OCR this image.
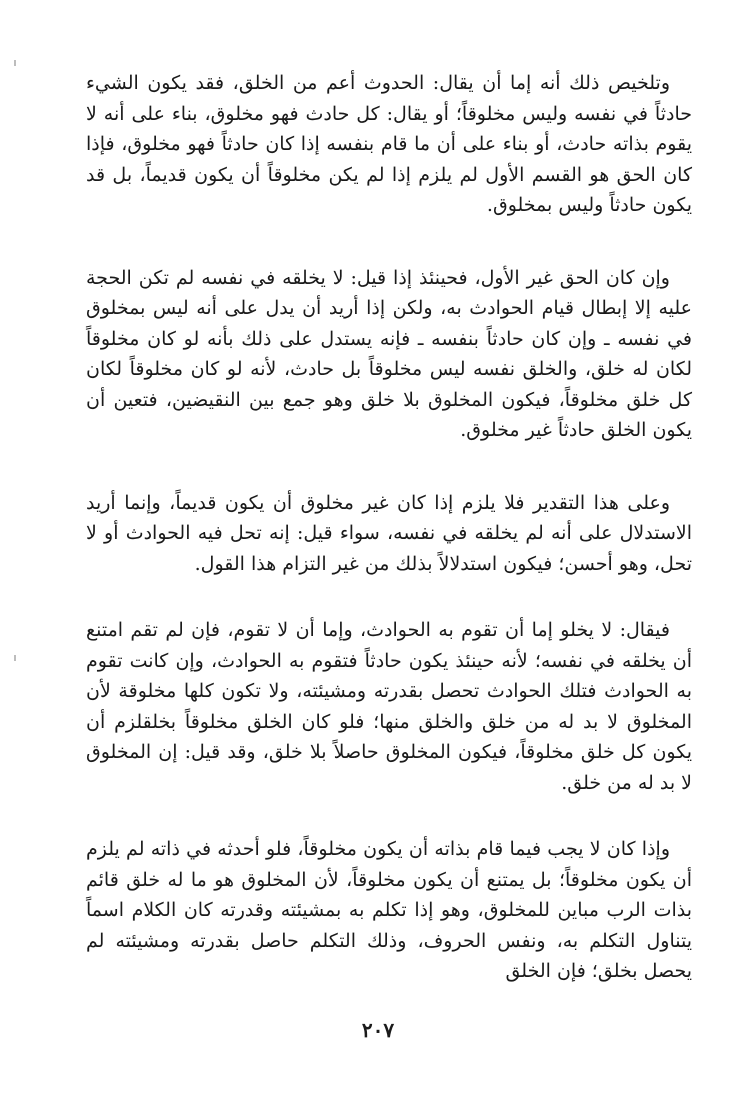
وتلخيص ذلك أنه إما أن يقال: الحدوث أعم من الخلق، فقد يكون الشيء حادثاً في نفسه وليس مخلوقاً؛ أو يقال: كل حادث فهو مخلوق، بناء على أنه لا يقوم بذاته حادث، أو بناء على أن ما قام بنفسه إذا كان حادثاً فهو مخلوق، فإذا كان الحق هو القسم الأول لم يلزم إذا لم يكن مخلوقاً أن يكون قديماً، بل قد يكون حادثاً وليس بمخلوق.

وإن كان الحق غير الأول، فحينئذ إذا قيل: لا يخلقه في نفسه لم تكن الحجة عليه إلا إبطال قيام الحوادث به، ولكن إذا أريد أن يدل على أنه ليس بمخلوق في نفسه ـ وإن كان حادثاً بنفسه ـ فإنه يستدل على ذلك بأنه لو كان مخلوقاً لكان له خلق، والخلق نفسه ليس مخلوقاً بل حادث، لأنه لو كان مخلوقاً لكان كل خلق مخلوقاً، فيكون المخلوق بلا خلق وهو جمع بين النقيضين، فتعين أن يكون الخلق حادثاً غير مخلوق.

وعلى هذا التقدير فلا يلزم إذا كان غير مخلوق أن يكون قديماً، وإنما أريد الاستدلال على أنه لم يخلقه في نفسه، سواء قيل: إنه تحل فيه الحوادث أو لا تحل، وهو أحسن؛ فيكون استدلالاً بذلك من غير التزام هذا القول.

فيقال: لا يخلو إما أن تقوم به الحوادث، وإما أن لا تقوم، فإن لم تقم امتنع أن يخلقه في نفسه؛ لأنه حينئذ يكون حادثاً فتقوم به الحوادث، وإن كانت تقوم به الحوادث فتلك الحوادث تحصل بقدرته ومشيئته، ولا تكون كلها مخلوقة لأن المخلوق لا بد له من خلق والخلق منها؛ فلو كان الخلق مخلوقاً بخلقلزم أن يكون كل خلق مخلوقاً، فيكون المخلوق حاصلاً بلا خلق، وقد قيل: إن المخلوق لا بد له من خلق.

وإذا كان لا يجب فيما قام بذاته أن يكون مخلوقاً، فلو أحدثه في ذاته لم يلزم أن يكون مخلوقاً؛ بل يمتنع أن يكون مخلوقاً، لأن المخلوق هو ما له خلق قائم بذات الرب مباين للمخلوق، وهو إذا تكلم به بمشيئته وقدرته كان الكلام اسماً يتناول التكلم به، ونفس الحروف، وذلك التكلم حاصل بقدرته ومشيئته لم يحصل بخلق؛ فإن الخلق

٢٠٧
